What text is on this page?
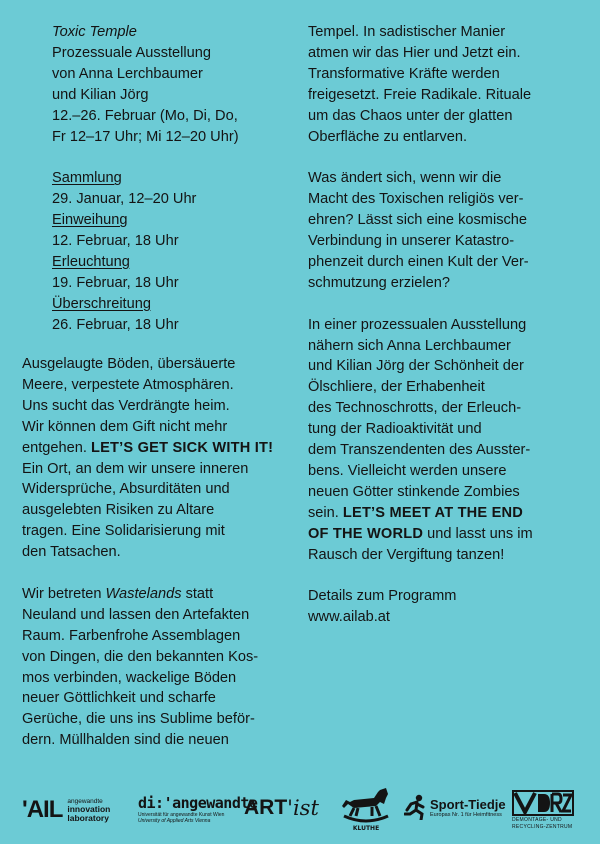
Toxic Temple

Prozessuale Ausstellung

von Anna Lerchbaumer

und Kilian Jörg

12.–26. Februar (Mo, Di, Do,

Fr 12–17 Uhr; Mi 12–20 Uhr)

Sammlung

29. Januar, 12–20 Uhr

Einweihung

12. Februar, 18 Uhr

Erleuchtung

19. Februar, 18 Uhr

Überschreitung

26. Februar, 18 Uhr

Ausgelaugte Böden, übersäuerte

Meere, verpestete Atmosphären.

Uns sucht das Verdrängte heim.

Wir können dem Gift nicht mehr

entgehen. LET’S GET SICK WITH IT!

Ein Ort, an dem wir unsere inneren

Widersprüche, Absurditäten und

ausgelebten Risiken zu Altare

tragen. Eine Solidarisierung mit

den Tatsachen.

Wir betreten Wastelands statt

Neuland und lassen den Artefakten

Raum. Farbenfrohe Assemblagen

von Dingen, die den bekannten Kos-

mos verbinden, wackelige Böden

neuer Göttlichkeit und scharfe

Gerüche, die uns ins Sublime beför-

dern. Müllhalden sind die neuen

Tempel. In sadistischer Manier

atmen wir das Hier und Jetzt ein.

Transformative Kräfte werden

freigesetzt. Freie Radikale. Rituale

um das Chaos unter der glatten

Oberfläche zu entlarven.

Was ändert sich, wenn wir die

Macht des Toxischen religiös ver-

ehren? Lässt sich eine kosmische

Verbindung in unserer Katastro-

phenzeit durch einen Kult der Ver-

schmutzung erzielen?

In einer prozessualen Ausstellung

nähern sich Anna Lerchbaumer

und Kilian Jörg der Schönheit der

Ölschliere, der Erhabenheit

des Technoschrotts, der Erleuch-

tung der Radioaktivität und

dem Transzendenten des Ausster-

bens. Vielleicht werden unsere

neuen Götter stinkende Zombies

sein. LET’S MEET AT THE END

OF THE WORLD und lasst uns im

Rausch der Vergiftung tanzen!

Details zum Programm

www.ailab.at

'AIL angewandte
innovation
laboratory
di:'angewandte
Universität für angewandte Kunst Wien
University of Applied Arts Vienna
ART 'ist
KLUTHE
Sport-Tiedje
Europas Nr. 1 für Heimfitness
DEMONTAGE- UND
RECYCLING-ZENTRUM
